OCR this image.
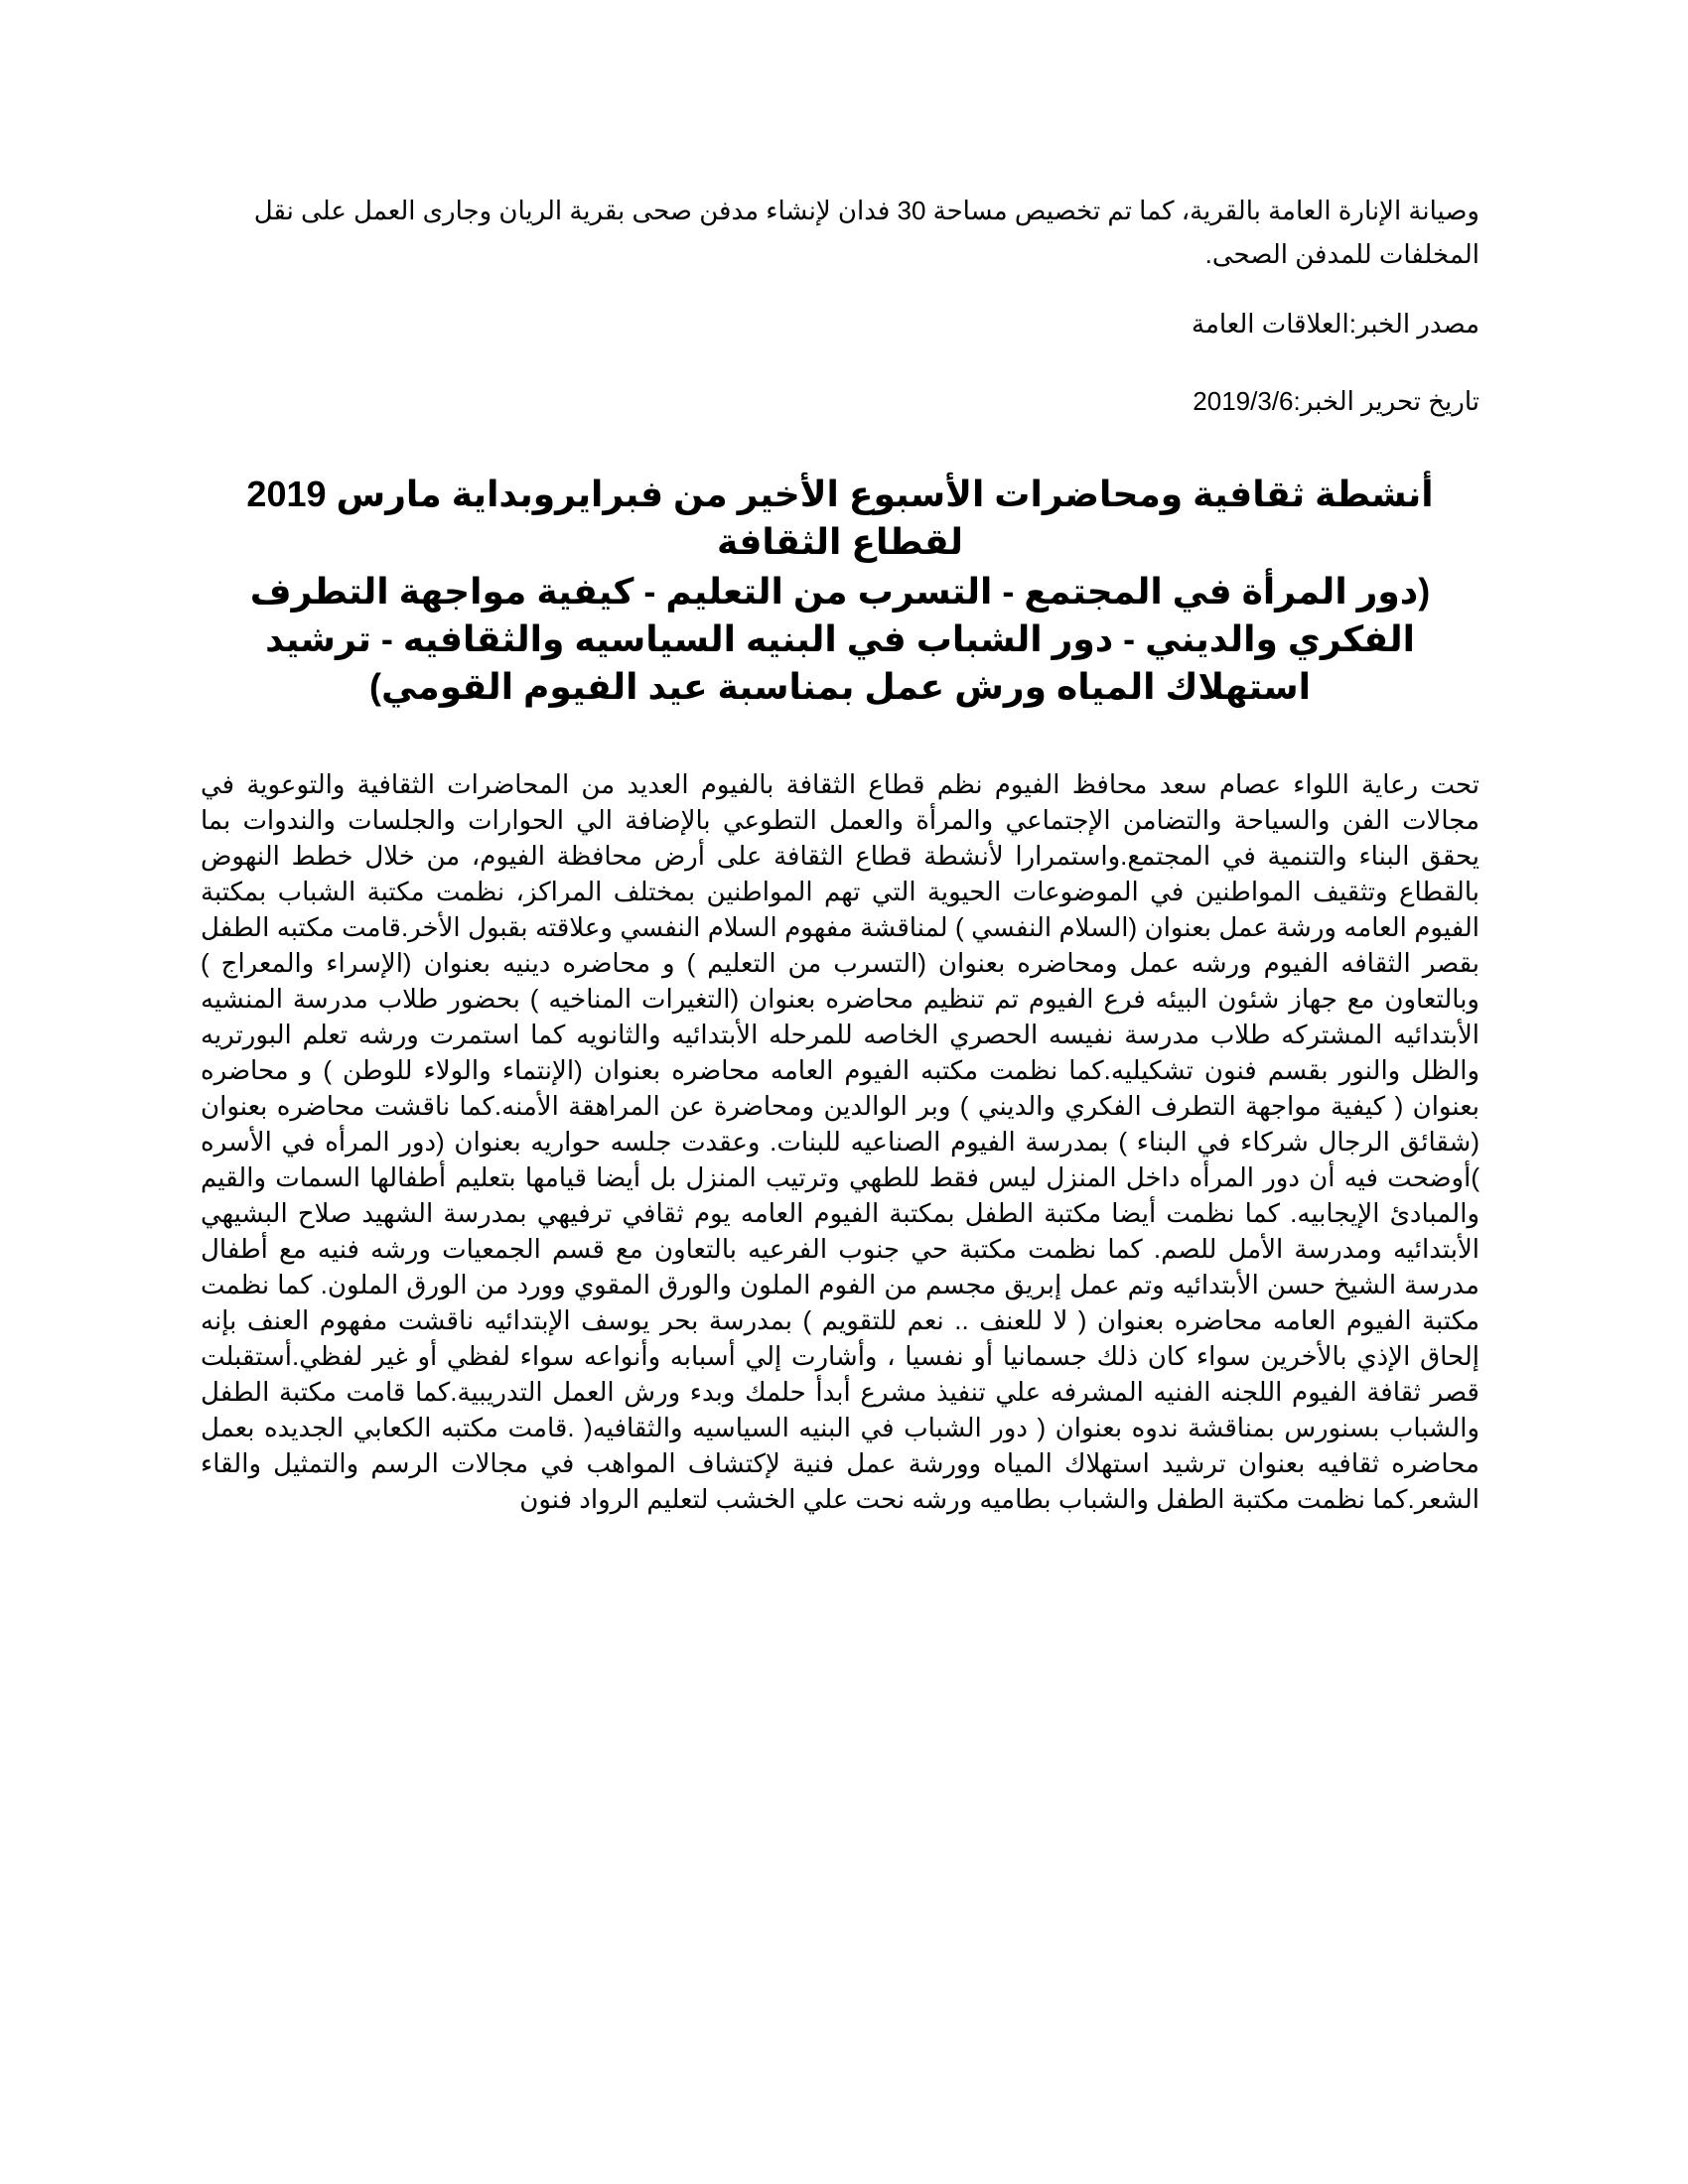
وصيانة الإنارة العامة بالقرية، كما تم تخصيص مساحة 30 فدان لإنشاء مدفن صحى بقرية الريان وجارى العمل على نقل المخلفات للمدفن الصحى.

مصدر الخبر:العلاقات العامة

تاريخ تحرير الخبر:2019/3/6

أنشطة ثقافية ومحاضرات الأسبوع الأخير من فبرايروبداية مارس 2019 لقطاع الثقافة
(دور المرأة في المجتمع - التسرب من التعليم - كيفية مواجهة التطرف الفكري والديني - دور الشباب في البنيه السياسيه والثقافيه - ترشيد استهلاك المياه ورش عمل بمناسبة عيد الفيوم القومي)

تحت رعاية اللواء عصام سعد محافظ الفيوم نظم قطاع الثقافة بالفيوم العديد من المحاضرات الثقافية والتوعوية في مجالات الفن والسياحة والتضامن الإجتماعي والمرأة والعمل التطوعي بالإضافة الي الحوارات والجلسات والندوات بما يحقق البناء والتنمية في المجتمع.واستمرارا لأنشطة قطاع الثقافة على أرض محافظة الفيوم، من خلال خطط النهوض بالقطاع وتثقيف المواطنين في الموضوعات الحيوية التي تهم المواطنين بمختلف المراكز، نظمت مكتبة الشباب بمكتبة الفيوم العامه ورشة عمل بعنوان (السلام النفسي ) لمناقشة مفهوم السلام النفسي وعلاقته بقبول الأخر.قامت مكتبه الطفل بقصر الثقافه الفيوم ورشه عمل ومحاضره بعنوان (التسرب من التعليم ) و محاضره دينيه بعنوان (الإسراء والمعراج ) وبالتعاون مع جهاز شئون البيئه فرع الفيوم تم تنظيم محاضره بعنوان (التغيرات المناخيه ) بحضور طلاب مدرسة المنشيه الأبتدائيه المشتركه طلاب مدرسة نفيسه الحصري الخاصه للمرحله الأبتدائيه والثانويه كما استمرت ورشه تعلم البورتريه والظل والنور بقسم فنون تشكيليه.كما نظمت مكتبه الفيوم العامه محاضره بعنوان (الإنتماء والولاء للوطن ) و محاضره بعنوان ( كيفية مواجهة التطرف الفكري والديني ) وبر الوالدين ومحاضرة عن المراهقة الأمنه.كما ناقشت محاضره بعنوان (شقائق الرجال شركاء في البناء ) بمدرسة الفيوم الصناعيه للبنات. وعقدت جلسه حواريه بعنوان (دور المرأه في الأسره )أوضحت فيه أن دور المرأه داخل المنزل ليس فقط للطهي وترتيب المنزل بل أيضا قيامها بتعليم أطفالها السمات والقيم والمبادئ الإيجابيه. كما نظمت أيضا مكتبة الطفل بمكتبة الفيوم العامه يوم ثقافي ترفيهي بمدرسة الشهيد صلاح البشيهي الأبتدائيه ومدرسة الأمل للصم. كما نظمت مكتبة حي جنوب الفرعيه بالتعاون مع قسم الجمعيات ورشه فنيه مع أطفال مدرسة الشيخ حسن الأبتدائيه وتم عمل إبريق مجسم من الفوم الملون والورق المقوي وورد من الورق الملون. كما نظمت مكتبة الفيوم العامه محاضره بعنوان ( لا للعنف .. نعم للتقويم ) بمدرسة بحر يوسف الإبتدائيه ناقشت مفهوم العنف بإنه إلحاق الإذي بالأخرين سواء كان ذلك جسمانيا أو نفسيا ، وأشارت إلي أسبابه وأنواعه سواء لفظي أو غير لفظي.أستقبلت قصر ثقافة الفيوم اللجنه الفنيه المشرفه علي تنفيذ مشرع أبدأ حلمك وبدء ورش العمل التدريبية.كما قامت مكتبة الطفل والشباب بسنورس بمناقشة ندوه بعنوان ( دور الشباب في البنيه السياسيه والثقافيه( .قامت مكتبه الكعابي الجديده بعمل محاضره ثقافيه بعنوان ترشيد استهلاك المياه وورشة عمل فنية لإكتشاف المواهب في مجالات الرسم والتمثيل والقاء الشعر.كما نظمت مكتبة الطفل والشباب بطاميه ورشه نحت علي الخشب لتعليم الرواد فنون
